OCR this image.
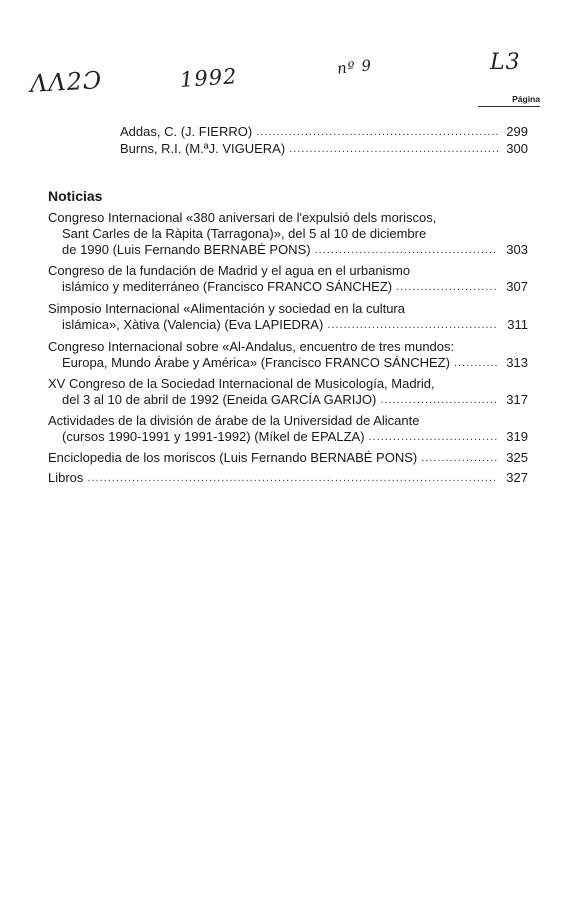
ΛΛ2Ɔ	1992	nº 9	L3
Página
Addas, C. (J. FIERRO) .....	299
Burns, R.I. (M.ªJ. VIGUERA) .....	300
Noticias
Congreso Internacional «380 aniversari de l'expulsió dels moriscos,
Sant Carles de la Ràpita (Tarragona)», del 5 al 10 de diciembre
de 1990 (Luis Fernando BERNABÉ PONS) .....	303
Congreso de la fundación de Madrid y el agua en el urbanismo
islámico y mediterráneo (Francisco FRANCO SÁNCHEZ) .....	307
Simposio Internacional «Alimentación y sociedad en la cultura
islámica», Xàtiva (Valencia) (Eva LAPIEDRA) .....	311
Congreso Internacional sobre «Al-Andalus, encuentro de tres mundos:
Europa, Mundo Árabe y América» (Francisco FRANCO SÁNCHEZ) .....	313
XV Congreso de la Sociedad Internacional de Musicología, Madrid,
del 3 al 10 de abril de 1992 (Eneida GARCÍA GARIJO) .....	317
Actividades de la división de árabe de la Universidad de Alicante
(cursos 1990-1991 y 1991-1992) (Míkel de EPALZA) .....	319
Enciclopedia de los moriscos (Luis Fernando BERNABÉ PONS) .....	325
Libros .....	327
